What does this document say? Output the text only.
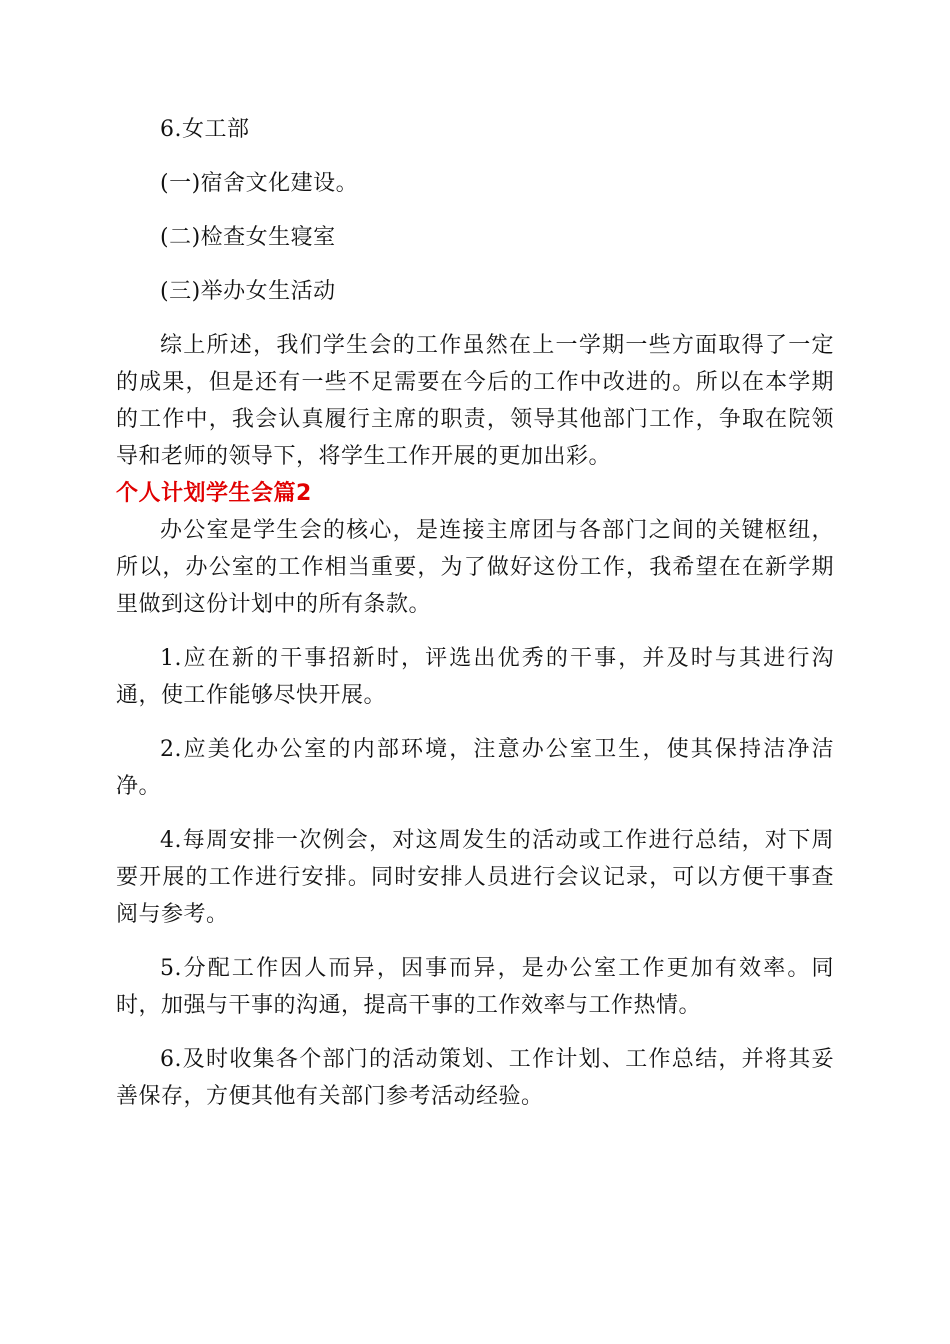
6.女工部

(一)宿舍文化建设。

(二)检查女生寝室

(三)举办女生活动

综上所述，我们学生会的工作虽然在上一学期一些方面取得了一定的成果，但是还有一些不足需要在今后的工作中改进的。所以在本学期的工作中，我会认真履行主席的职责，领导其他部门工作，争取在院领导和老师的领导下，将学生工作开展的更加出彩。

个人计划学生会篇2

办公室是学生会的核心，是连接主席团与各部门之间的关键枢纽，所以，办公室的工作相当重要，为了做好这份工作，我希望在在新学期里做到这份计划中的所有条款。

1.应在新的干事招新时，评选出优秀的干事，并及时与其进行沟通，使工作能够尽快开展。

2.应美化办公室的内部环境，注意办公室卫生，使其保持洁净洁净。

4.每周安排一次例会，对这周发生的活动或工作进行总结，对下周要开展的工作进行安排。同时安排人员进行会议记录，可以方便干事查阅与参考。

5.分配工作因人而异，因事而异，是办公室工作更加有效率。同时，加强与干事的沟通，提高干事的工作效率与工作热情。

6.及时收集各个部门的活动策划、工作计划、工作总结，并将其妥善保存，方便其他有关部门参考活动经验。
